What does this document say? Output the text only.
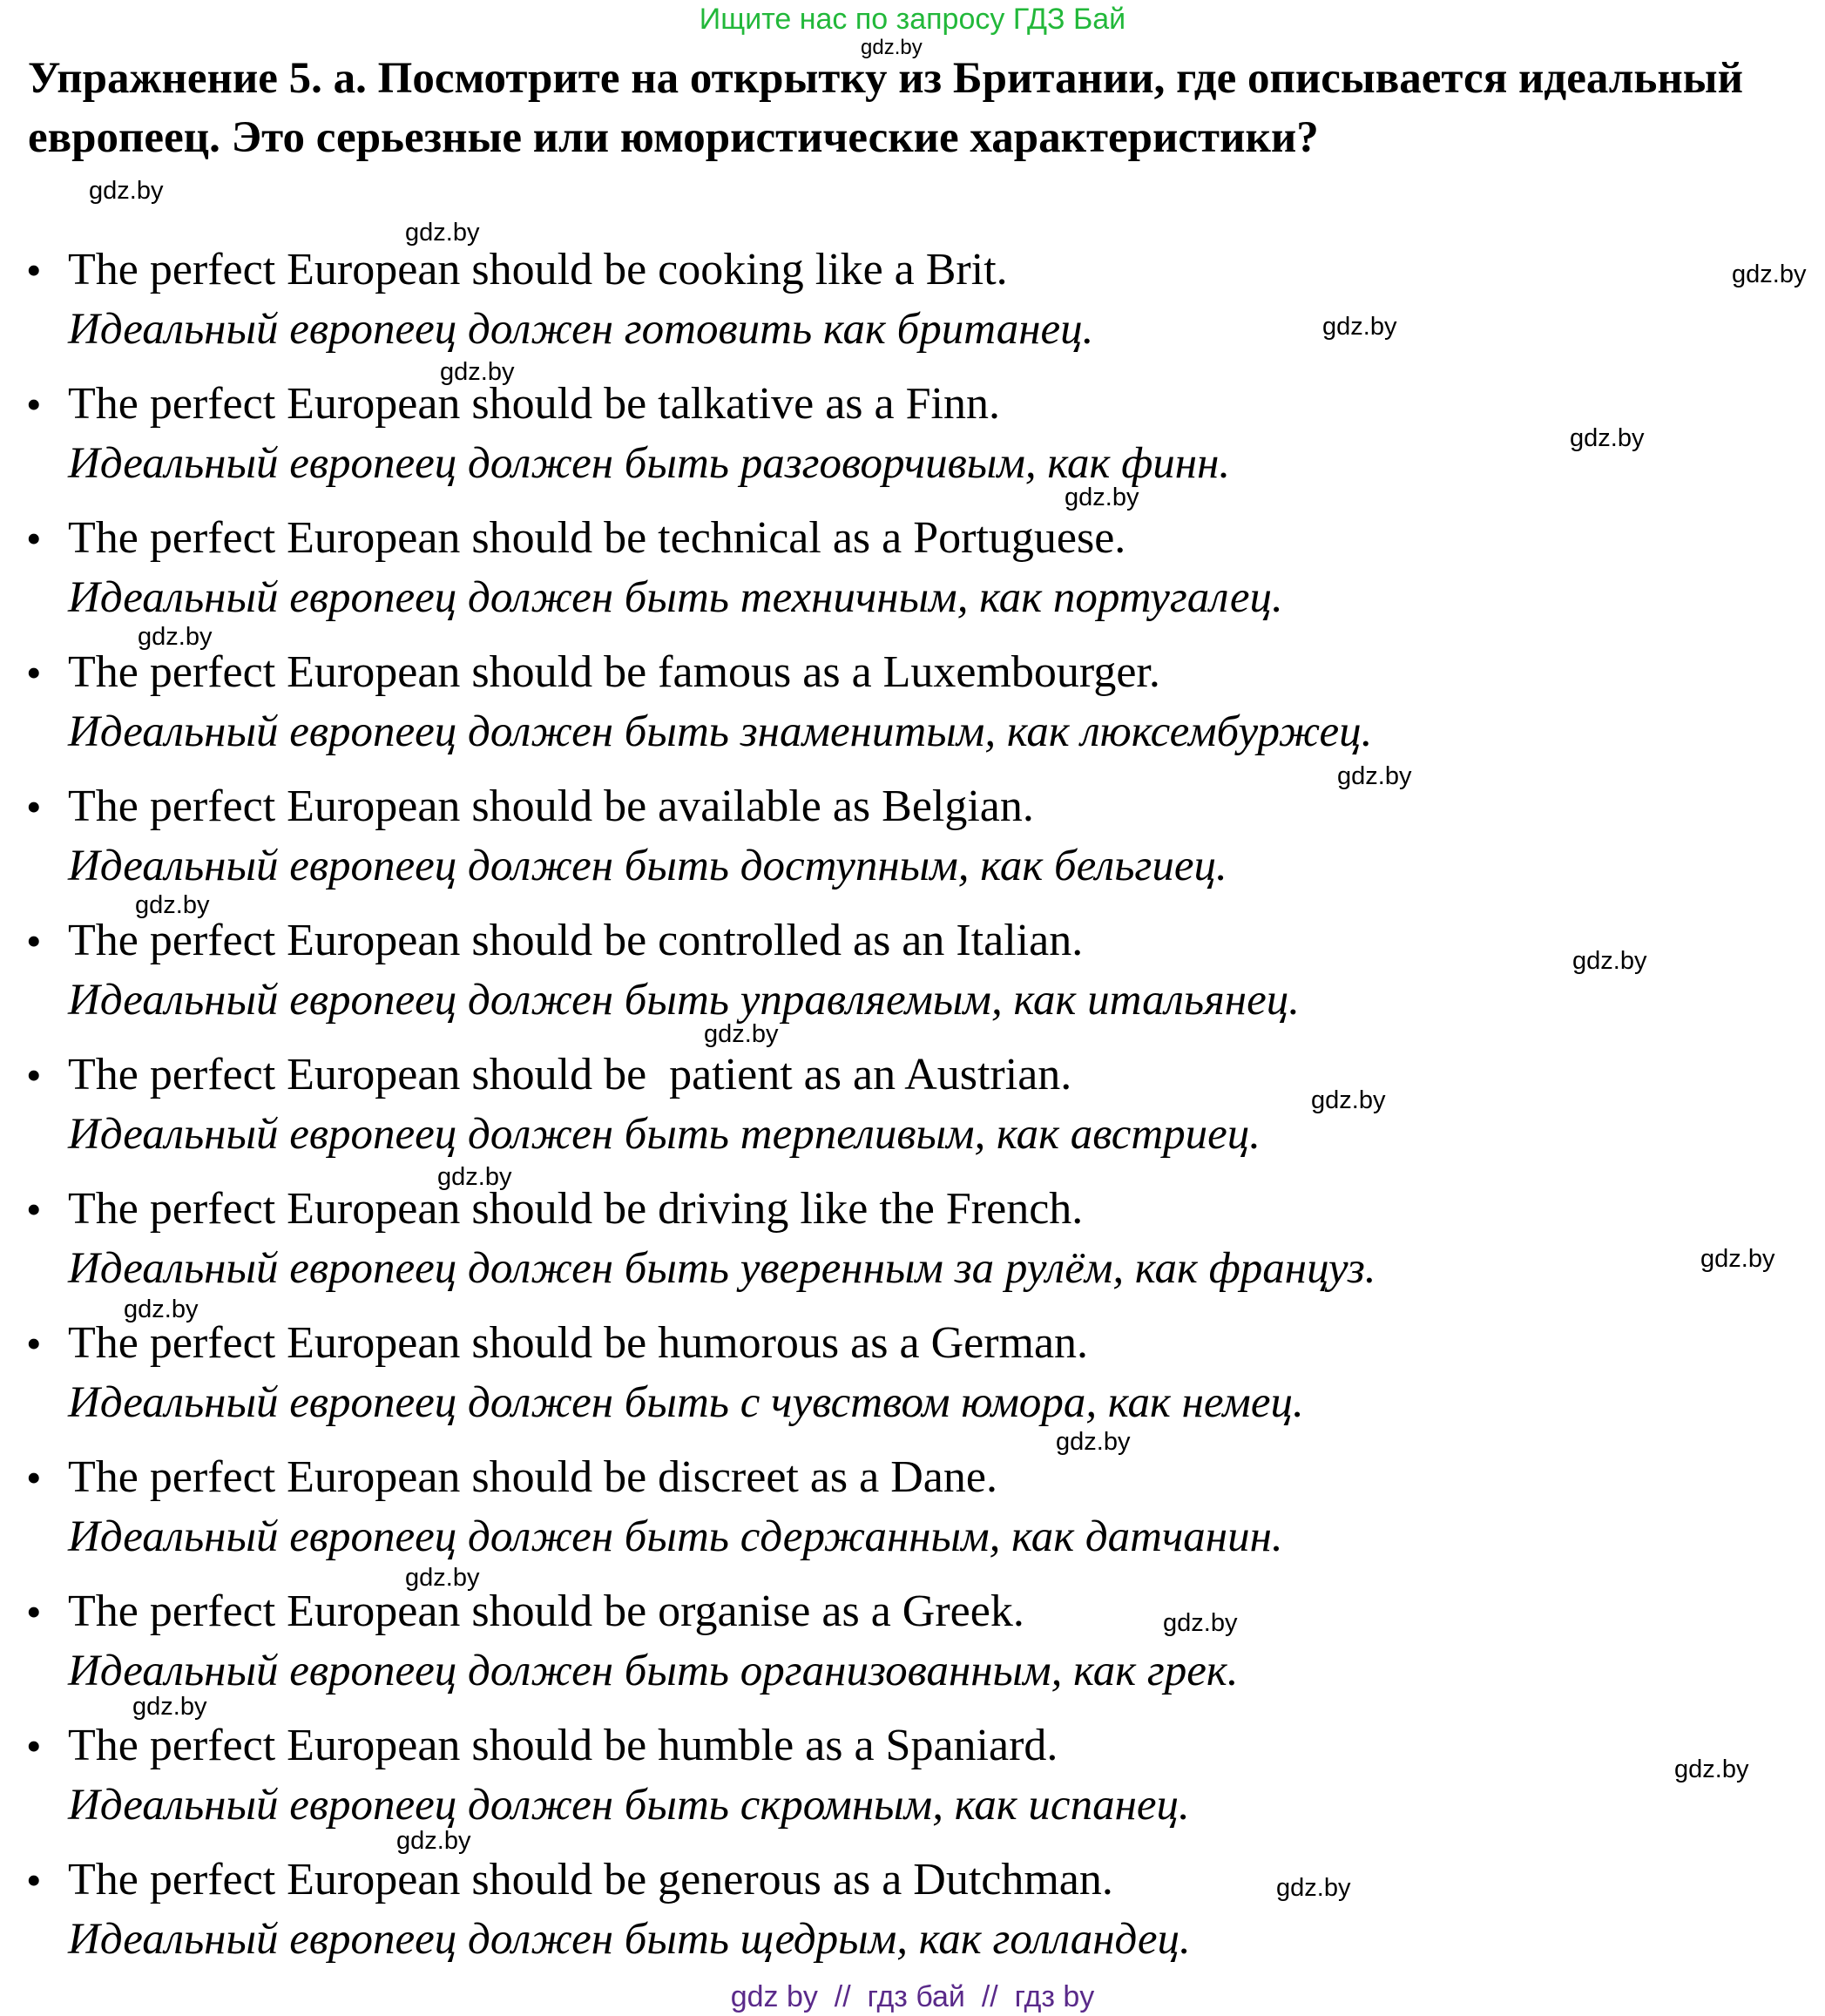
Ищите нас по запросу ГДЗ Бай
gdz.by
gdz.by
gdz.by
gdz.by
gdz.by
gdz.by
gdz.by
gdz.by
gdz.by
gdz.by
gdz.by
gdz.by
gdz.by
gdz.by
gdz.by
gdz.by
gdz.by
gdz.by
gdz.by
gdz.by
gdz.by
gdz.by
gdz.by
gdz.by
Упражнение 5. а. Посмотрите на открытку из Британии, где описывается идеальный европеец. Это серьезные или юмористические характеристики?
• The perfect European should be cooking like a Brit.
Идеальный европеец должен готовить как британец.
• The perfect European should be talkative as a Finn.
Идеальный европеец должен быть разговорчивым, как финн.
• The perfect European should be technical as a Portuguese.
Идеальный европеец должен быть техничным, как португалец.
• The perfect European should be famous as a Luxembourger.
Идеальный европеец должен быть знаменитым, как люксембуржец.
• The perfect European should be available as Belgian.
Идеальный европеец должен быть доступным, как бельгиец.
• The perfect European should be controlled as an Italian.
Идеальный европеец должен быть управляемым, как итальянец.
• The perfect European should be  patient as an Austrian.
Идеальный европеец должен быть терпеливым, как австриец.
• The perfect European should be driving like the French.
Идеальный европеец должен быть уверенным за рулём, как француз.
• The perfect European should be humorous as a German.
Идеальный европеец должен быть с чувством юмора, как немец.
• The perfect European should be discreet as a Dane.
Идеальный европеец должен быть сдержанным, как датчанин.
• The perfect European should be organise as a Greek.
Идеальный европеец должен быть организованным, как грек.
• The perfect European should be humble as a Spaniard.
Идеальный европеец должен быть скромным, как испанец.
• The perfect European should be generous as a Dutchman.
Идеальный европеец должен быть щедрым, как голландец.
gdz by  //  гдз бай  //  гдз by
